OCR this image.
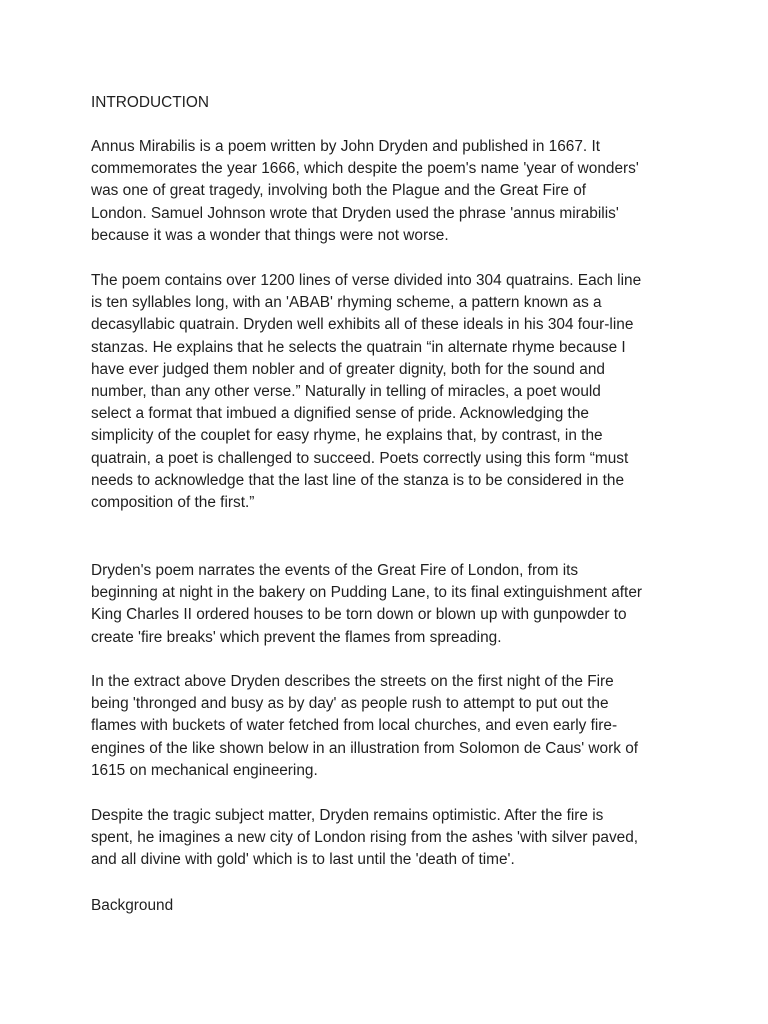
INTRODUCTION

Annus Mirabilis is a poem written by John Dryden and published in 1667. It
commemorates the year 1666, which despite the poem's name 'year of wonders'
was one of great tragedy, involving both the Plague and the Great Fire of
London. Samuel Johnson wrote that Dryden used the phrase 'annus mirabilis'
because it was a wonder that things were not worse.

The poem contains over 1200 lines of verse divided into 304 quatrains. Each line
is ten syllables long, with an 'ABAB' rhyming scheme, a pattern known as a
decasyllabic quatrain. Dryden well exhibits all of these ideals in his 304 four-line
stanzas. He explains that he selects the quatrain “in alternate rhyme because I
have ever judged them nobler and of greater dignity, both for the sound and
number, than any other verse.” Naturally in telling of miracles, a poet would
select a format that imbued a dignified sense of pride. Acknowledging the
simplicity of the couplet for easy rhyme, he explains that, by contrast, in the
quatrain, a poet is challenged to succeed. Poets correctly using this form “must
needs to acknowledge that the last line of the stanza is to be considered in the
composition of the first.”

Dryden's poem narrates the events of the Great Fire of London, from its
beginning at night in the bakery on Pudding Lane, to its final extinguishment after
King Charles II ordered houses to be torn down or blown up with gunpowder to
create 'fire breaks' which prevent the flames from spreading.

In the extract above Dryden describes the streets on the first night of the Fire
being 'thronged and busy as by day' as people rush to attempt to put out the
flames with buckets of water fetched from local churches, and even early fire-
engines of the like shown below in an illustration from Solomon de Caus' work of
1615 on mechanical engineering.

Despite the tragic subject matter, Dryden remains optimistic. After the fire is
spent, he imagines a new city of London rising from the ashes 'with silver paved,
and all divine with gold' which is to last until the 'death of time'.

Background
